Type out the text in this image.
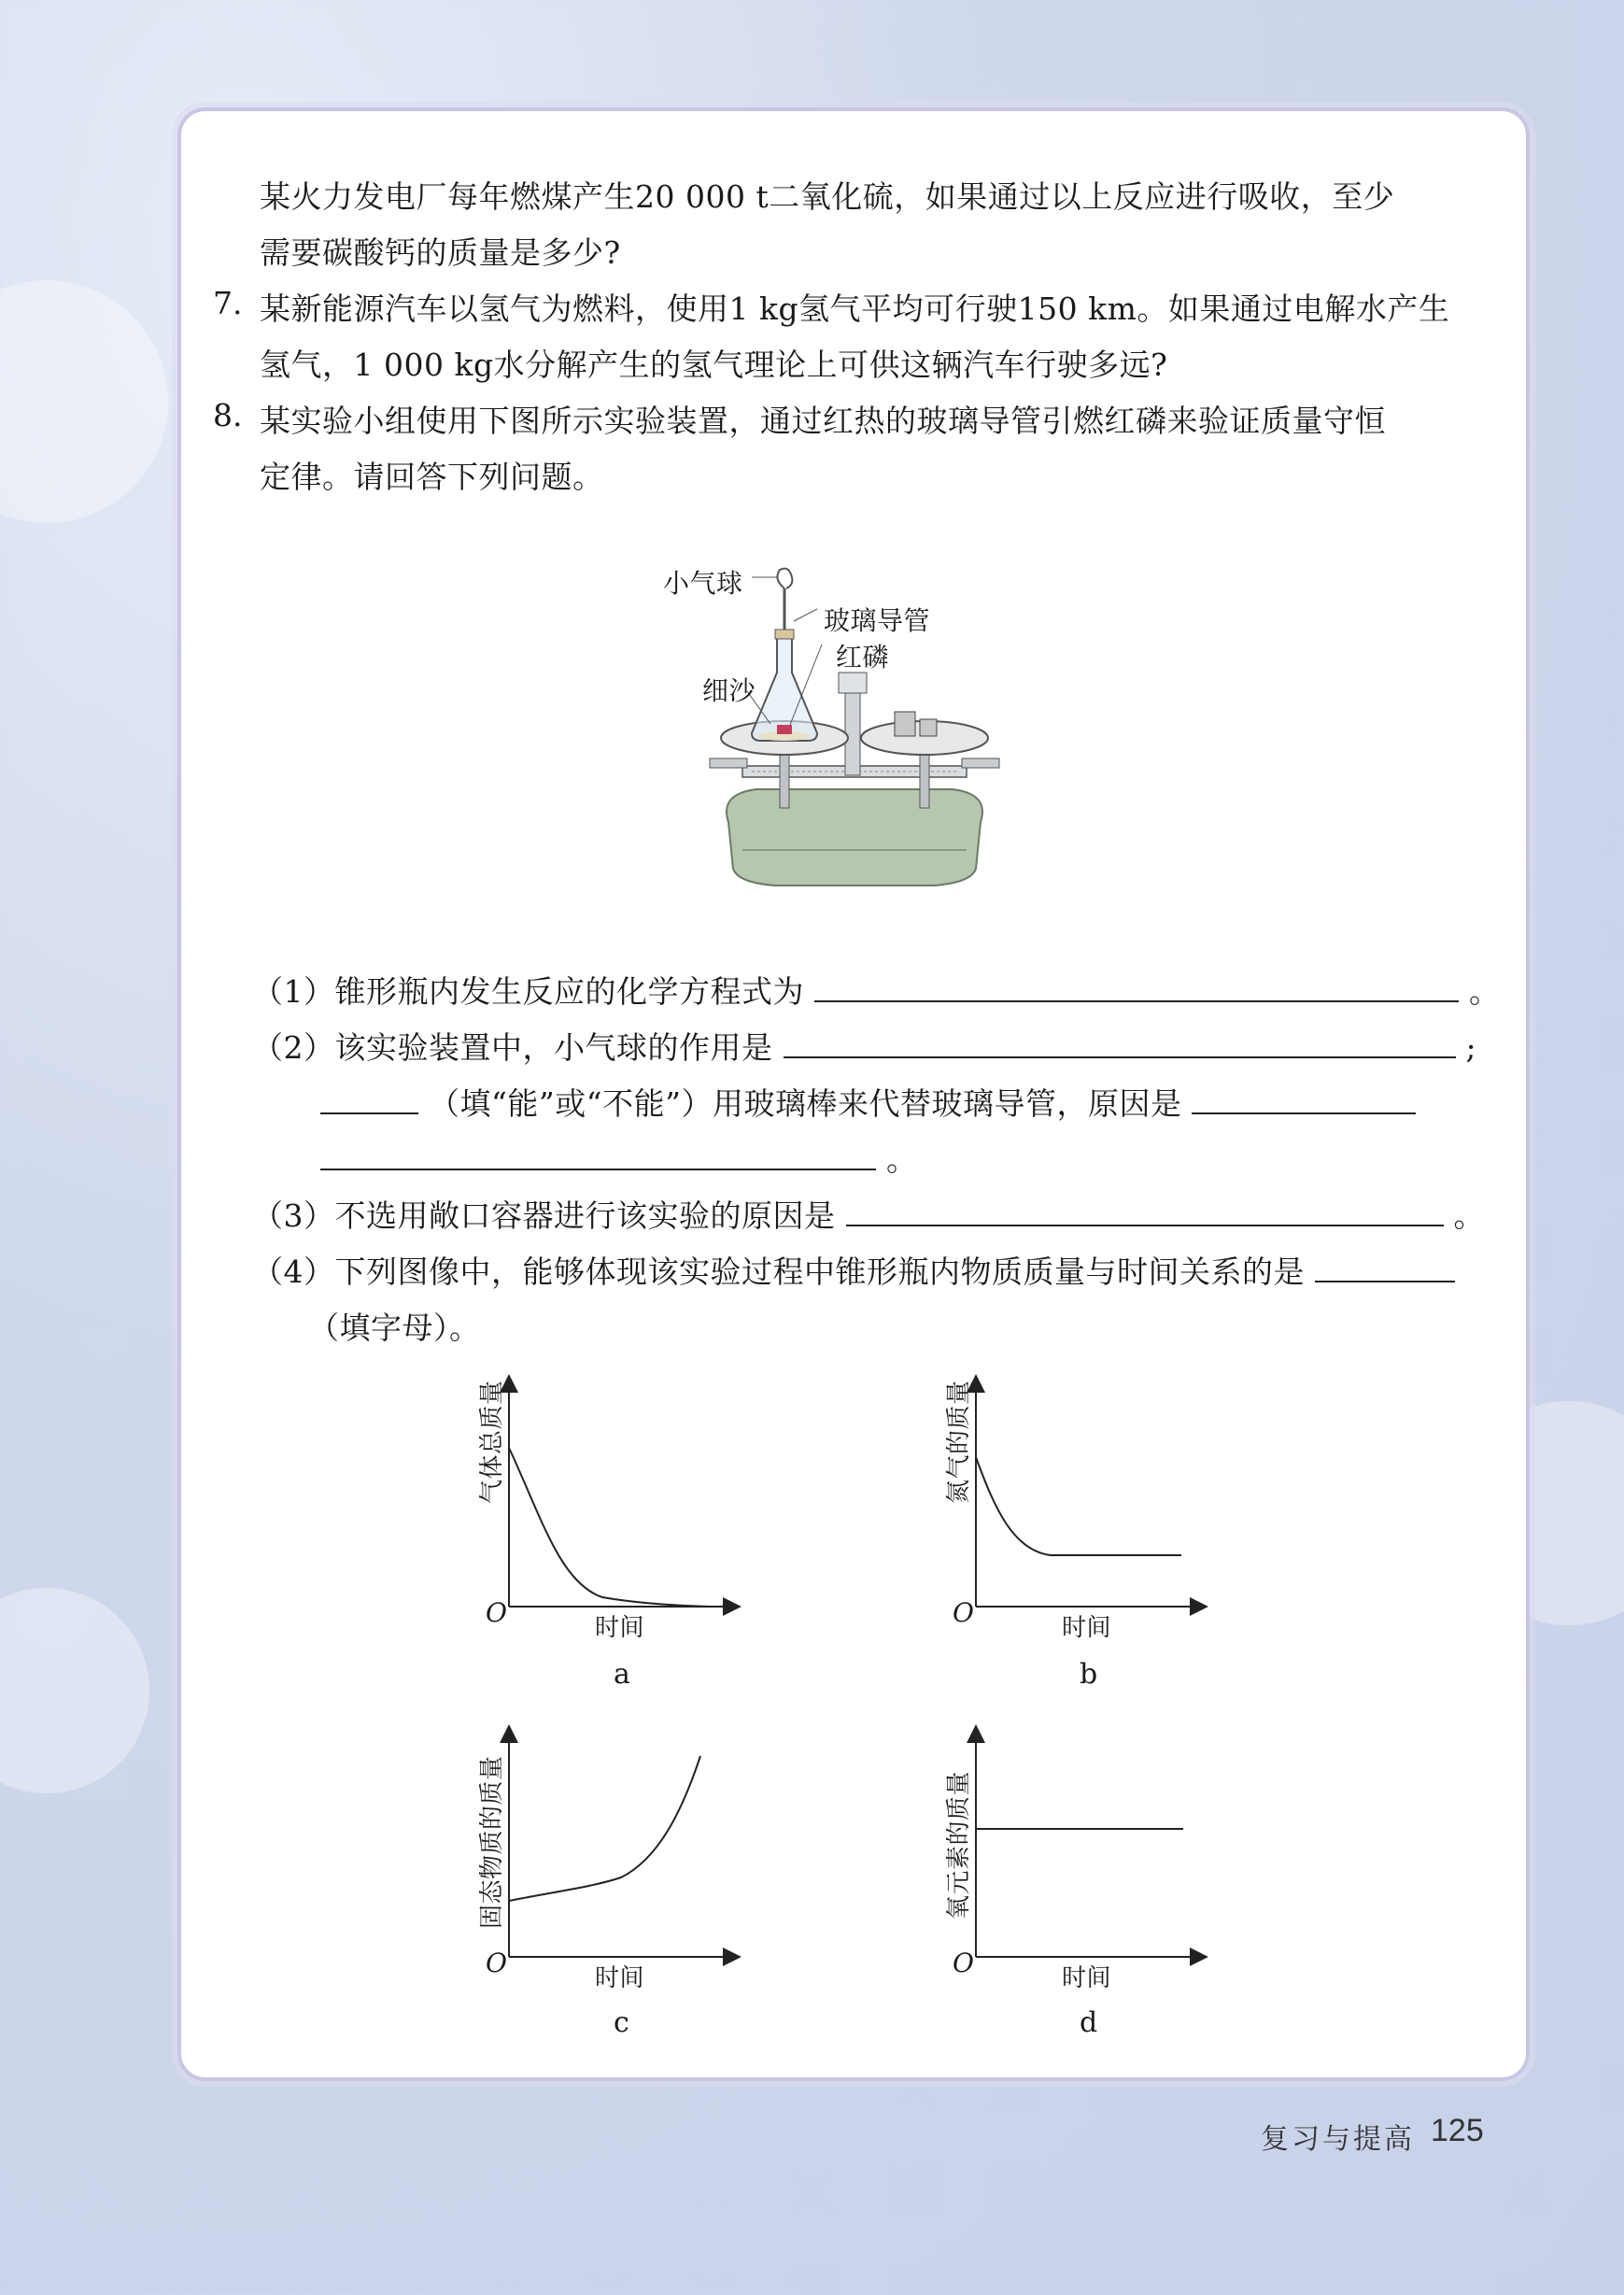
某火力发电厂每年燃煤产生20 000 t二氧化硫，如果通过以上反应进行吸收，至少
需要碳酸钙的质量是多少?
7. 某新能源汽车以氢气为燃料，使用1 kg氢气平均可行驶150 km。如果通过电解水产生
氢气，1 000 kg水分解产生的氢气理论上可供这辆汽车行驶多远?
8. 某实验小组使用下图所示实验装置，通过红热的玻璃导管引燃红磷来验证质量守恒
定律。请回答下列问题。
小气球
玻璃导管
红磷
细沙
（1）锥形瓶内发生反应的化学方程式为	。
（2）该实验装置中，小气球的作用是	;
（填“能”或“不能”）用玻璃棒来代替玻璃导管，原因是
。
（3）不选用敞口容器进行该实验的原因是	。
（4）下列图像中，能够体现该实验过程中锥形瓶内物质质量与时间关系的是
（填字母）。
气体总质量
O	时间
a
氮气的质量
O	时间
b
固态物质的质量
O	时间
c
氧元素的质量
O	时间
d
复习与提高 125
